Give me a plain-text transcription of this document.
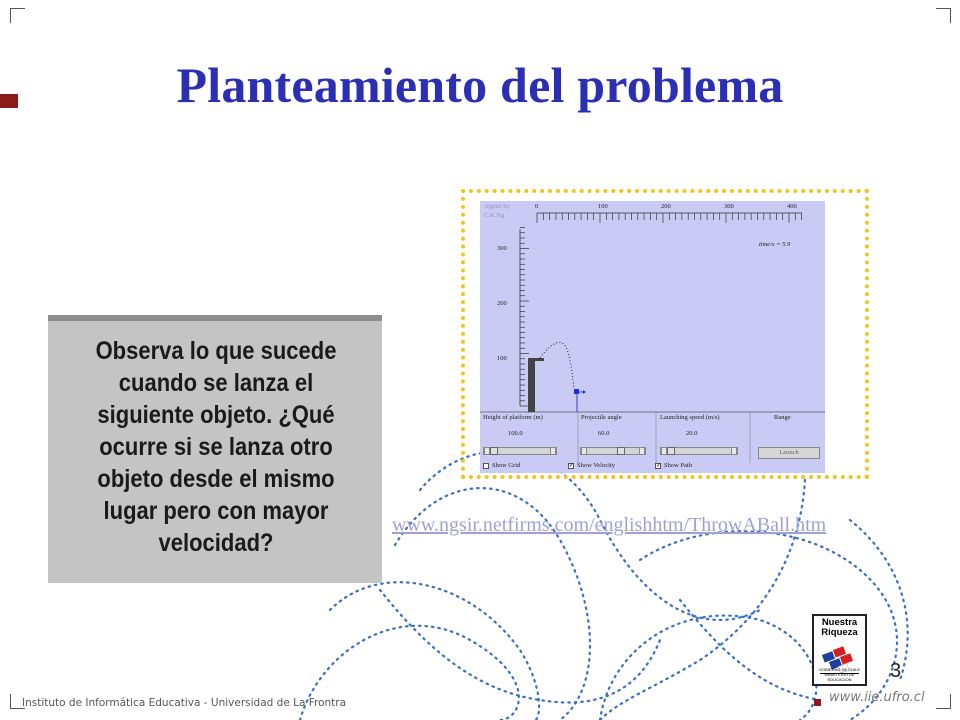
Planteamiento del problema
Observa lo que sucede cuando se lanza el siguiente objeto. ¿Qué ocurre si se lanza otro objeto desde el mismo lugar pero con mayor velocidad?
Applet by
C.K.Ng
0	100	200	300	400
300
200
100
time/s = 5.9
Height of platform (m)	Projectile angle	Launching speed (m/s)	Range
100.0	60.0	20.0
Launch
Show Grid	✓ Show Velocity	✓ Show Path
www.ngsir.netfirms.com/englishhtm/ThrowABall.htm
Nuestra
Riqueza
GOBIERNO DE CHILE
MINISTERIO DE EDUCACION	3
Instituto de Informática Educativa - Universidad de La Frontra	www.iie.ufro.cl
